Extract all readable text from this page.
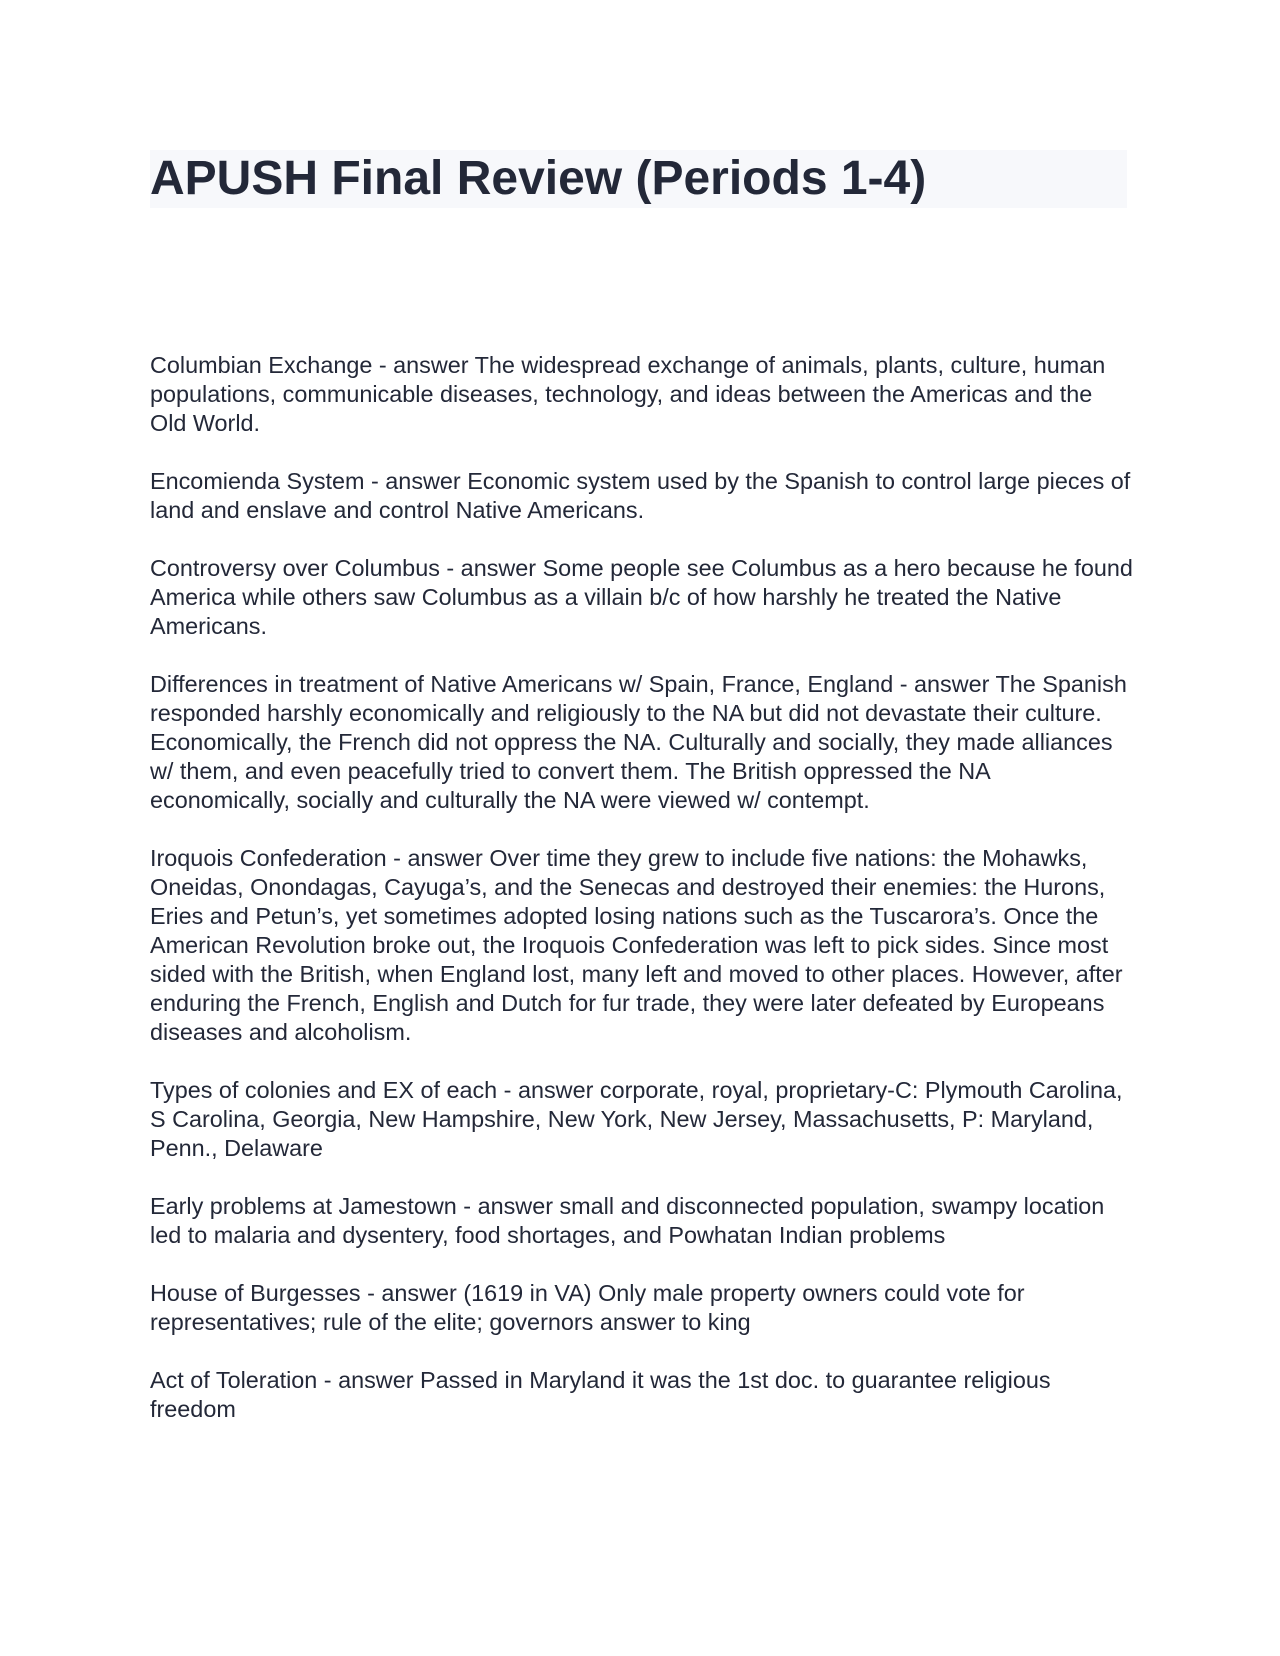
APUSH Final Review (Periods 1-4)

Columbian Exchange - answer The widespread exchange of animals, plants, culture, human populations, communicable diseases, technology, and ideas between the Americas and the Old World.

Encomienda System - answer Economic system used by the Spanish to control large pieces of land and enslave and control Native Americans.

Controversy over Columbus - answer Some people see Columbus as a hero because he found America while others saw Columbus as a villain b/c of how harshly he treated the Native Americans.

Differences in treatment of Native Americans w/ Spain, France, England - answer The Spanish responded harshly economically and religiously to the NA but did not devastate their culture. Economically, the French did not oppress the NA. Culturally and socially, they made alliances w/ them, and even peacefully tried to convert them. The British oppressed the NA economically, socially and culturally the NA were viewed w/ contempt.

Iroquois Confederation - answer Over time they grew to include five nations: the Mohawks, Oneidas, Onondagas, Cayuga’s, and the Senecas and destroyed their enemies: the Hurons, Eries and Petun’s, yet sometimes adopted losing nations such as the Tuscarora’s. Once the American Revolution broke out, the Iroquois Confederation was left to pick sides. Since most sided with the British, when England lost, many left and moved to other places. However, after enduring the French, English and Dutch for fur trade, they were later defeated by Europeans diseases and alcoholism.

Types of colonies and EX of each - answer corporate, royal, proprietary-C: Plymouth Carolina, S Carolina, Georgia, New Hampshire, New York, New Jersey, Massachusetts, P: Maryland, Penn., Delaware

Early problems at Jamestown - answer small and disconnected population, swampy location led to malaria and dysentery, food shortages, and Powhatan Indian problems

House of Burgesses - answer (1619 in VA) Only male property owners could vote for representatives; rule of the elite; governors answer to king

Act of Toleration - answer Passed in Maryland it was the 1st doc. to guarantee religious freedom
